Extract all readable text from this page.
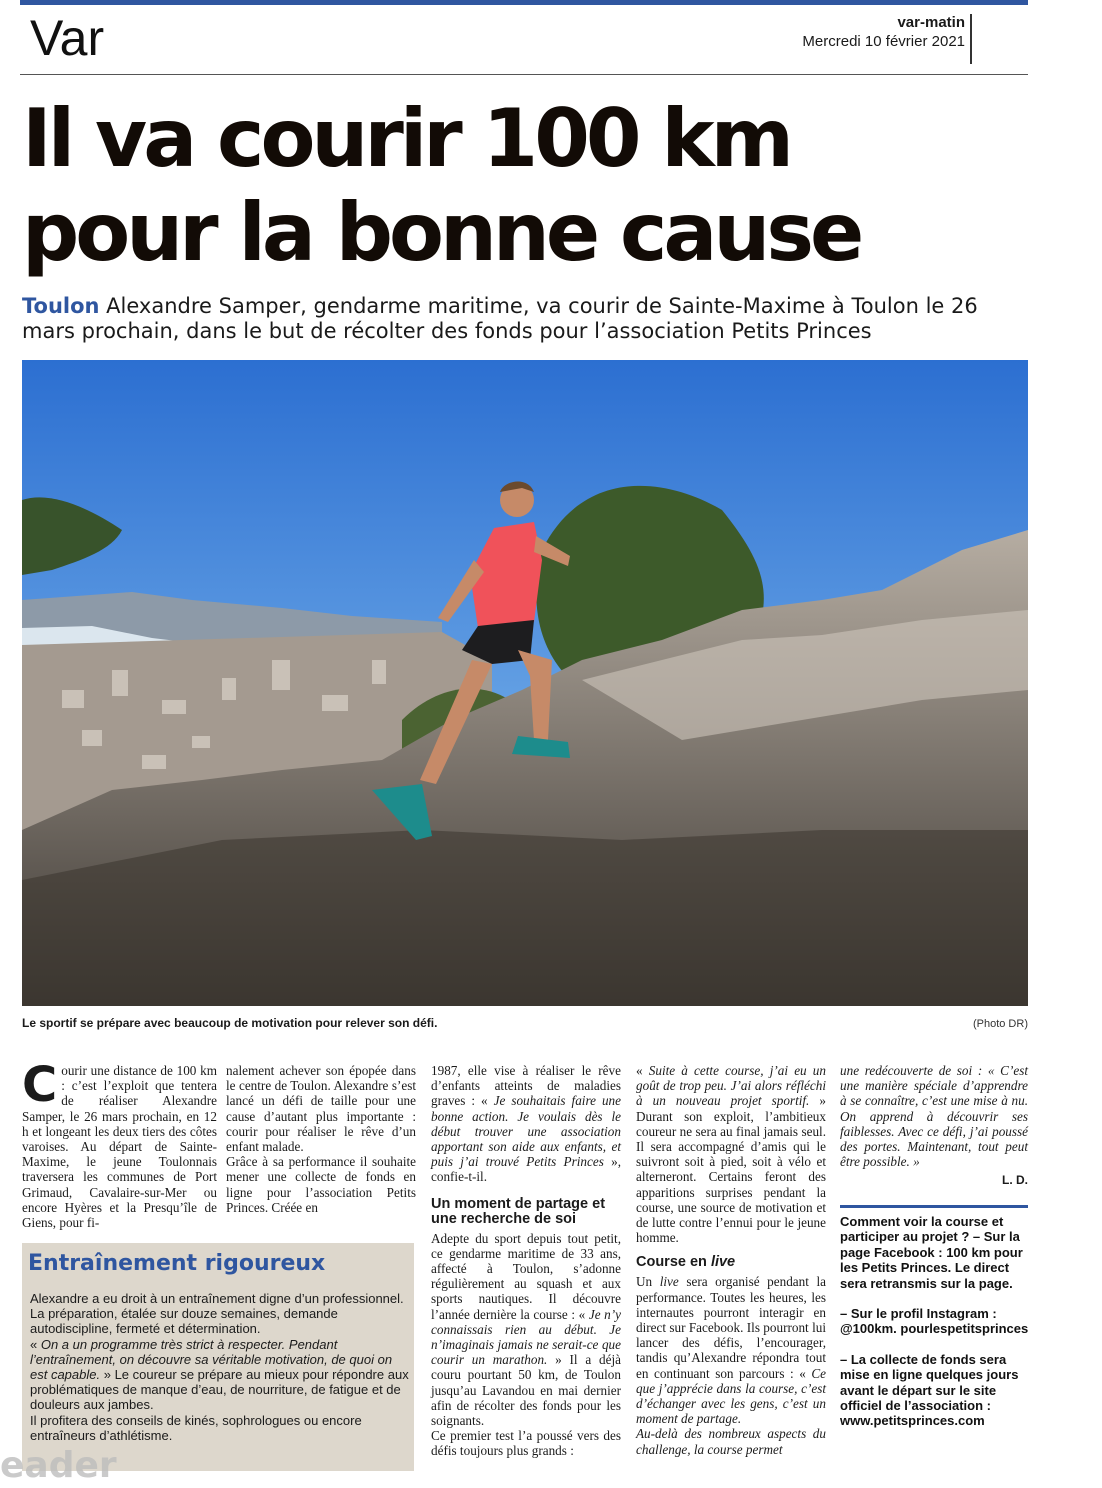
Var	var-matin
Mercredi 10 février 2021
Il va courir 100 km
pour la bonne cause
Toulon Alexandre Samper, gendarme maritime, va courir de Sainte-Maxime à Toulon le 26 mars prochain, dans le but de récolter des fonds pour l’association Petits Princes
Le sportif se prépare avec beaucoup de motivation pour relever son défi.	(Photo DR)

Courir une distance de 100 km : c’est l’exploit que tentera de réaliser Alexandre Samper, le 26 mars prochain, en 12 h et longeant les deux tiers des côtes varoises. Au départ de Sainte-Maxime, le jeune Toulonnais traversera les communes de Port Grimaud, Cavalaire-sur-Mer ou encore Hyères et la Presqu’île de Giens, pour fi-

nalement achever son épopée dans le centre de Toulon. Alexandre s’est lancé un défi de taille pour une cause d’autant plus importante : courir pour réaliser le rêve d’un enfant malade.

Grâce à sa performance il souhaite mener une collecte de fonds en ligne pour l’association Petits Princes. Créée en

1987, elle vise à réaliser le rêve d’enfants atteints de maladies graves : « Je souhaitais faire une bonne action. Je voulais dès le début trouver une association apportant son aide aux enfants, et puis j’ai trouvé Petits Princes », confie-t-il.

Un moment de partage et une recherche de soi

Adepte du sport depuis tout petit, ce gendarme maritime de 33 ans, affecté à Toulon, s’adonne régulièrement au squash et aux sports nautiques. Il découvre l’année dernière la course : « Je n’y connaissais rien au début. Je n’imaginais jamais ne serait-ce que courir un marathon. » Il a déjà couru pourtant 50 km, de Toulon jusqu’au Lavandou en mai dernier afin de récolter des fonds pour les soignants.

Ce premier test l’a poussé vers des défis toujours plus grands :

« Suite à cette course, j’ai eu un goût de trop peu. J’ai alors réfléchi à un nouveau projet sportif. » Durant son exploit, l’ambitieux coureur ne sera au final jamais seul. Il sera accompagné d’amis qui le suivront soit à pied, soit à vélo et alterneront. Certains feront des apparitions surprises pendant la course, une source de motivation et de lutte contre l’ennui pour le jeune homme.

Course en live

Un live sera organisé pendant la performance. Toutes les heures, les internautes pourront interagir en direct sur Facebook. Ils pourront lui lancer des défis, l’encourager, tandis qu’Alexandre répondra tout en continuant son parcours : « Ce que j’apprécie dans la course, c’est d’échanger avec les gens, c’est un moment de partage.

Au-delà des nombreux aspects du challenge, la course permet

une redécouverte de soi : « C’est une manière spéciale d’apprendre à se connaître, c’est une mise à nu. On apprend à découvrir ses faiblesses. Avec ce défi, j’ai poussé des portes. Maintenant, tout peut être possible. »

L. D.

Comment voir la course et participer au projet ? – Sur la page Facebook : 100 km pour les Petits Princes. Le direct sera retransmis sur la page.

– Sur le profil Instagram : @100km. pourlespetitsprinces

– La collecte de fonds sera mise en ligne quelques jours avant le départ sur le site officiel de l’association : www.petitsprinces.com

Entraînement rigoureux

Alexandre a eu droit à un entraînement digne d’un professionnel.

La préparation, étalée sur douze semaines, demande autodiscipline, fermeté et détermination.

« On a un programme très strict à respecter. Pendant l’entraînement, on découvre sa véritable motivation, de quoi on est capable. » Le coureur se prépare au mieux pour répondre aux problématiques de manque d’eau, de nourriture, de fatigue et de douleurs aux jambes.

Il profitera des conseils de kinés, sophrologues ou encore entraîneurs d’athlétisme.

eader
